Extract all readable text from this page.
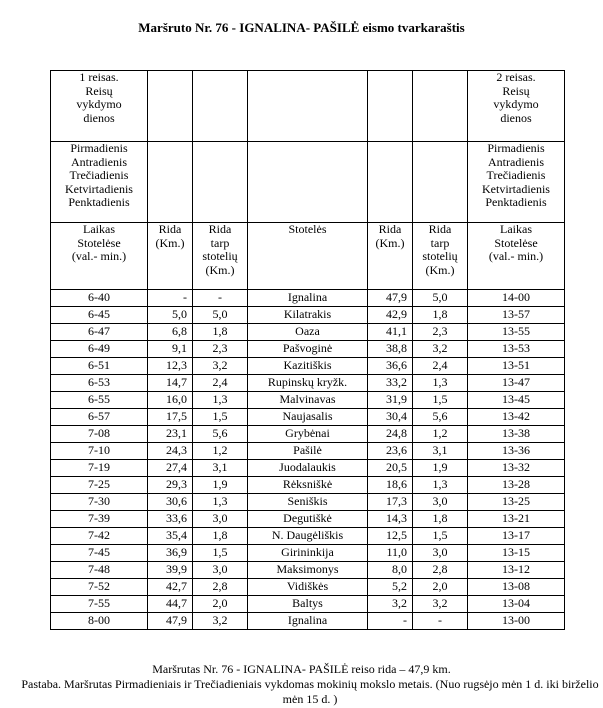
Maršruto Nr. 76 - IGNALINA- PAŠILĖ eismo tvarkaraštis
1 reisas.
Reisų
vykdymo
dienos						2 reisas.
Reisų
vykdymo
dienos

Pirmadienis
Antradienis
Trečiadienis
Ketvirtadienis
Penktadienis						Pirmadienis
Antradienis
Trečiadienis
Ketvirtadienis
Penktadienis

Laikas
Stotelėse
(val.- min.)	Rida
(Km.)	Rida
tarp
stotelių
(Km.)	Stotelės	Rida
(Km.)	Rida
tarp
stotelių
(Km.)	Laikas
Stotelėse
(val.- min.)

6-40	-	-	Ignalina	47,9	5,0	14-00
6-45	5,0	5,0	Kilatrakis	42,9	1,8	13-57
6-47	6,8	1,8	Oaza	41,1	2,3	13-55
6-49	9,1	2,3	Pašvoginė	38,8	3,2	13-53
6-51	12,3	3,2	Kazitiškis	36,6	2,4	13-51
6-53	14,7	2,4	Rupinskų kryžk.	33,2	1,3	13-47
6-55	16,0	1,3	Malvinavas	31,9	1,5	13-45
6-57	17,5	1,5	Naujasalis	30,4	5,6	13-42
7-08	23,1	5,6	Grybėnai	24,8	1,2	13-38
7-10	24,3	1,2	Pašilė	23,6	3,1	13-36
7-19	27,4	3,1	Juodalaukis	20,5	1,9	13-32
7-25	29,3	1,9	Rėksniškė	18,6	1,3	13-28
7-30	30,6	1,3	Seniškis	17,3	3,0	13-25
7-39	33,6	3,0	Degutiškė	14,3	1,8	13-21
7-42	35,4	1,8	N. Daugėliškis	12,5	1,5	13-17
7-45	36,9	1,5	Girininkija	11,0	3,0	13-15
7-48	39,9	3,0	Maksimonys	8,0	2,8	13-12
7-52	42,7	2,8	Vidiškės	5,2	2,0	13-08
7-55	44,7	2,0	Baltys	3,2	3,2	13-04
8-00	47,9	3,2	Ignalina	-	-	13-00
Maršrutas Nr. 76 - IGNALINA- PAŠILĖ reiso rida – 47,9 km.

Pastaba. Maršrutas Pirmadieniais ir Trečiadieniais vykdomas mokinių mokslo metais. (Nuo rugsėjo mėn 1 d. iki birželio mėn 15 d. )
